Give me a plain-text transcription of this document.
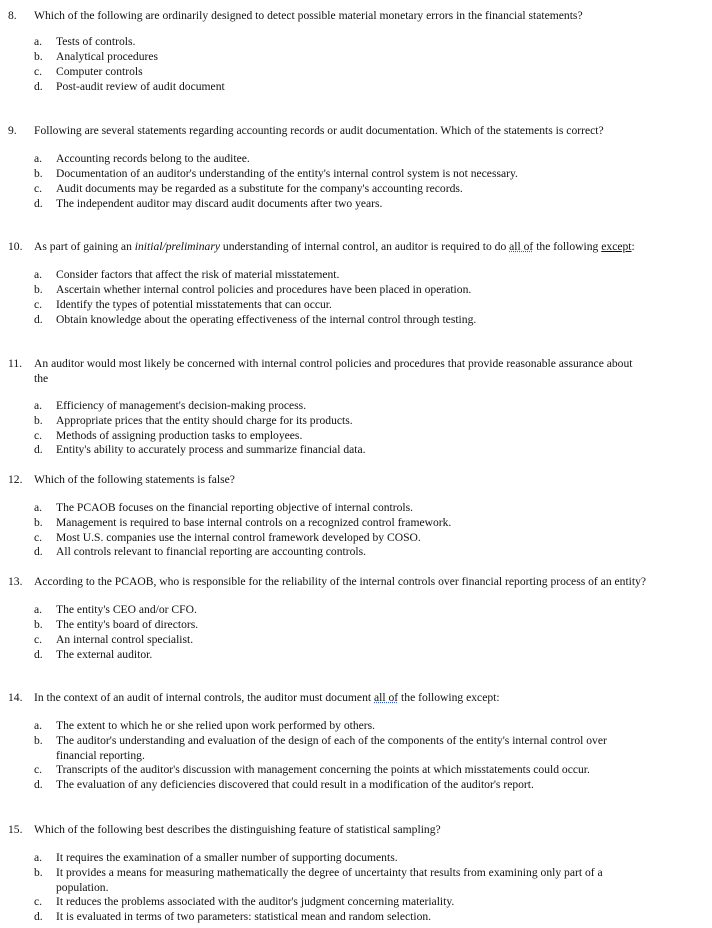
8. Which of the following are ordinarily designed to detect possible material monetary errors in the financial statements?
a. Tests of controls.
b. Analytical procedures
c. Computer controls
d. Post-audit review of audit document
9. Following are several statements regarding accounting records or audit documentation. Which of the statements is correct?
a. Accounting records belong to the auditee.
b. Documentation of an auditor's understanding of the entity's internal control system is not necessary.
c. Audit documents may be regarded as a substitute for the company's accounting records.
d. The independent auditor may discard audit documents after two years.
10. As part of gaining an initial/preliminary understanding of internal control, an auditor is required to do all of the following except:
a. Consider factors that affect the risk of material misstatement.
b. Ascertain whether internal control policies and procedures have been placed in operation.
c. Identify the types of potential misstatements that can occur.
d. Obtain knowledge about the operating effectiveness of the internal control through testing.
11. An auditor would most likely be concerned with internal control policies and procedures that provide reasonable assurance about
the
a. Efficiency of management's decision-making process.
b. Appropriate prices that the entity should charge for its products.
c. Methods of assigning production tasks to employees.
d. Entity's ability to accurately process and summarize financial data.
12. Which of the following statements is false?
a. The PCAOB focuses on the financial reporting objective of internal controls.
b. Management is required to base internal controls on a recognized control framework.
c. Most U.S. companies use the internal control framework developed by COSO.
d. All controls relevant to financial reporting are accounting controls.
13. According to the PCAOB, who is responsible for the reliability of the internal controls over financial reporting process of an entity?
a. The entity's CEO and/or CFO.
b. The entity's board of directors.
c. An internal control specialist.
d. The external auditor.
14. In the context of an audit of internal controls, the auditor must document all of the following except:
a. The extent to which he or she relied upon work performed by others.
b. The auditor's understanding and evaluation of the design of each of the components of the entity's internal control over
financial reporting.
c. Transcripts of the auditor's discussion with management concerning the points at which misstatements could occur.
d. The evaluation of any deficiencies discovered that could result in a modification of the auditor's report.
15. Which of the following best describes the distinguishing feature of statistical sampling?
a. It requires the examination of a smaller number of supporting documents.
b. It provides a means for measuring mathematically the degree of uncertainty that results from examining only part of a
population.
c. It reduces the problems associated with the auditor's judgment concerning materiality.
d. It is evaluated in terms of two parameters: statistical mean and random selection.
